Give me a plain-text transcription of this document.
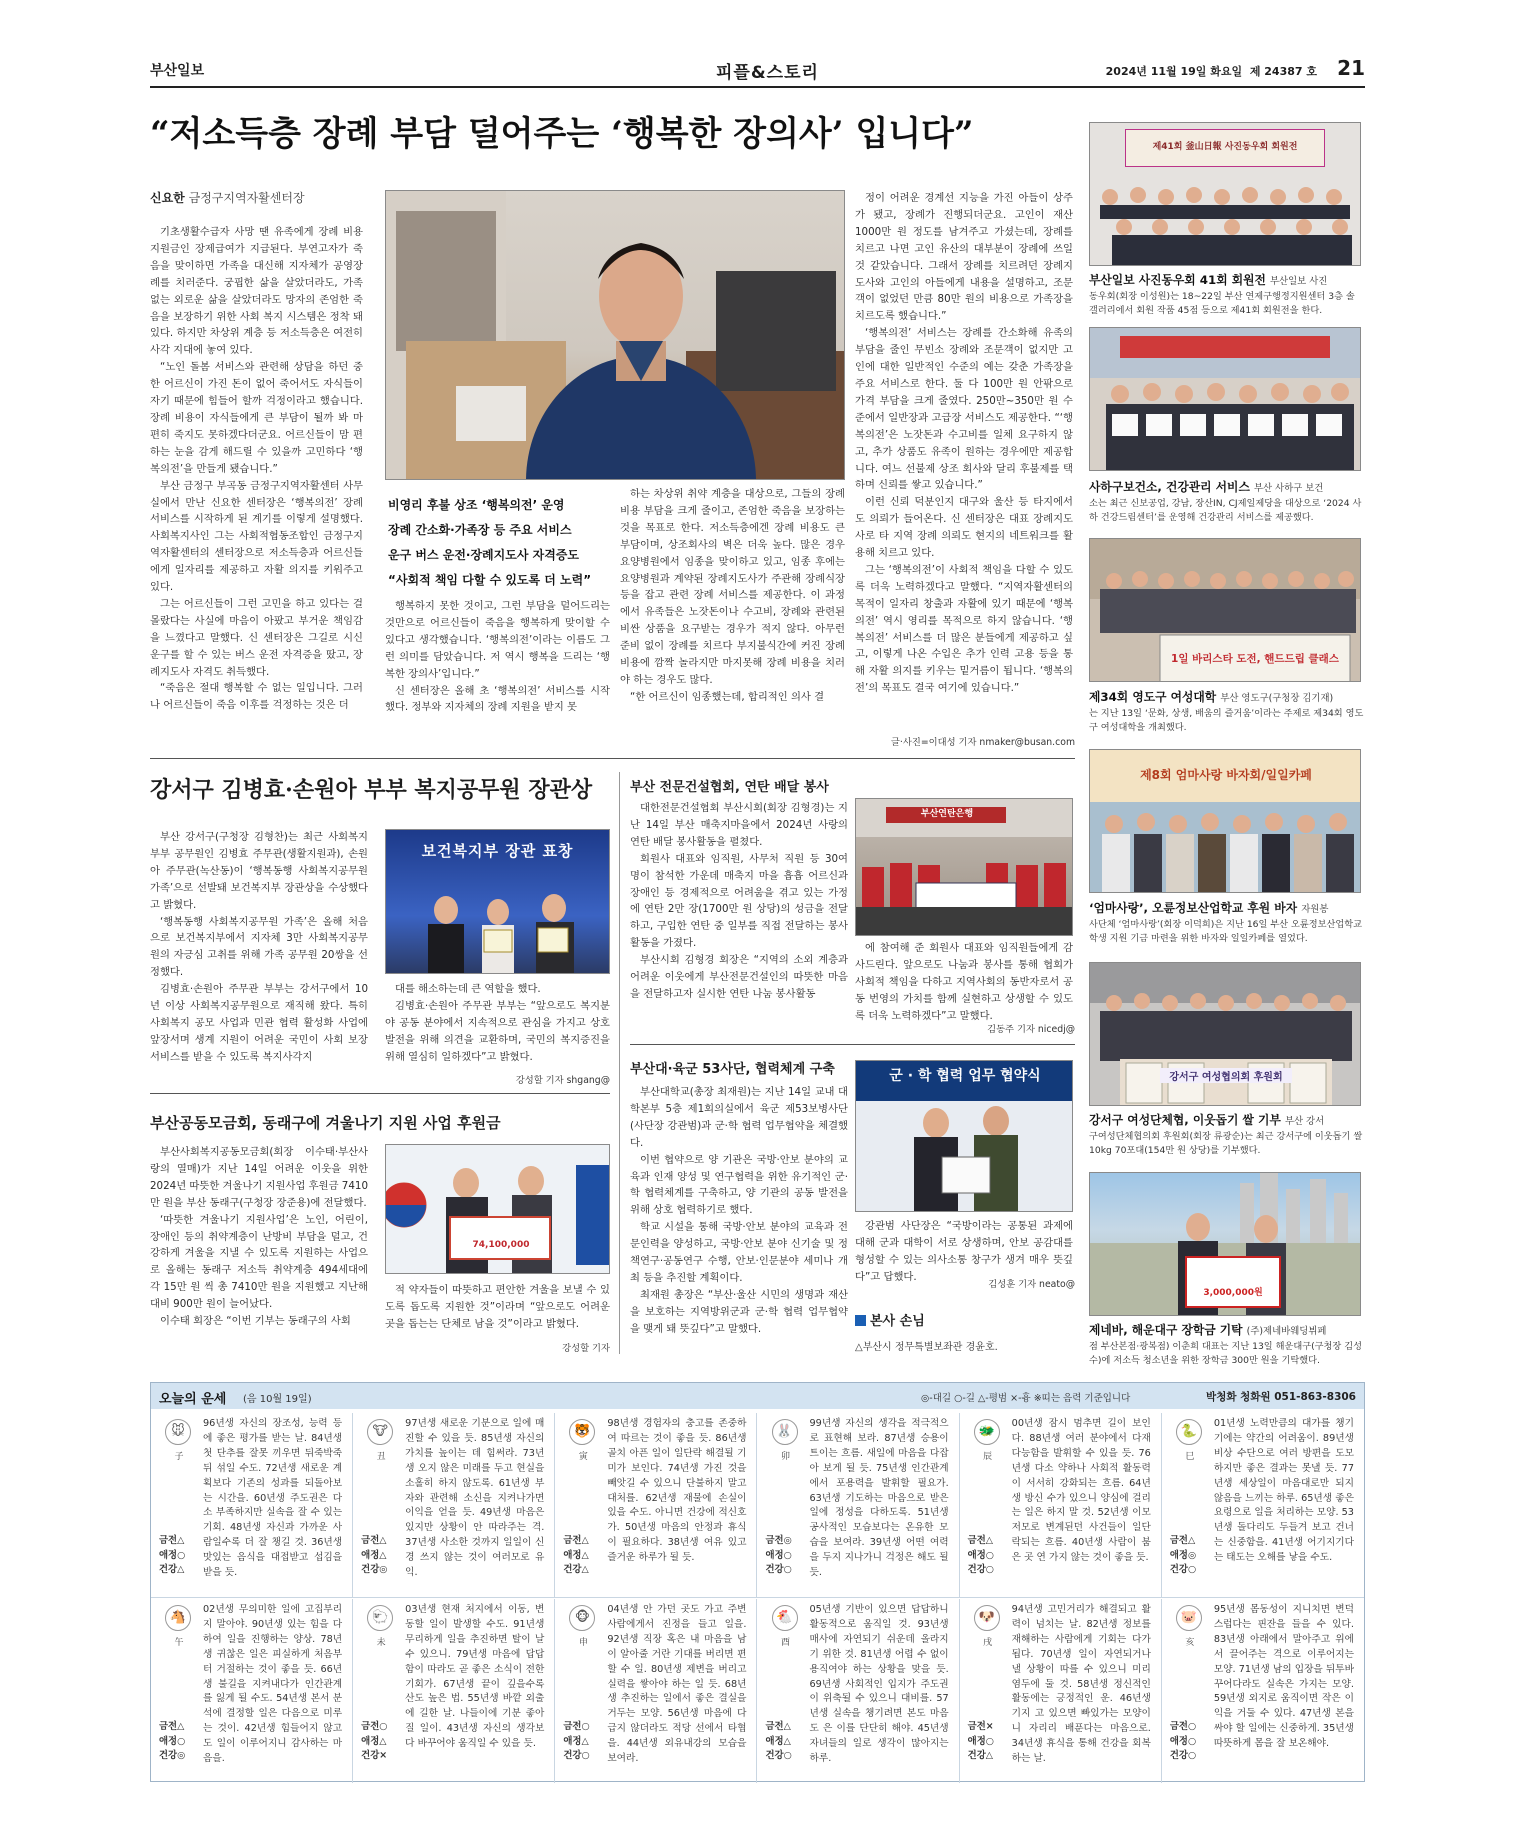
부산일보	피플&스토리	2024년 11월 19일 화요일 제 24387 호 21
“저소득층 장례 부담 덜어주는 ‘행복한 장의사’ 입니다”
신요한 금정구지역자활센터장

기초생활수급자 사망 땐 유족에게 장례 비용 지원금인 장제급여가 지급된다. 부연고자가 죽음을 맞이하면 가족을 대신해 지자체가 공영장례를 치러준다. 궁핍한 삶을 살았더라도, 가족 없는 외로운 삶을 살았더라도 망자의 존엄한 죽음을 보장하기 위한 사회 복지 시스템은 정착 돼 있다. 하지만 차상위 계층 등 저소득층은 여전히 사각 지대에 놓여 있다.

“노인 돌봄 서비스와 관련해 상담을 하던 중 한 어르신이 가진 돈이 없어 죽어서도 자식들이 자기 때문에 힘들어 할까 걱정이라고 했습니다. 장례 비용이 자식들에게 큰 부담이 될까 봐 마 편히 죽지도 못하겠다더군요. 어르신들이 맘 편하는 눈을 감게 해드릴 수 있을까 고민하다 ‘행복의전’을 만들게 됐습니다.”

부산 금정구 부곡동 금정구지역자활센터 사무실에서 만난 신요한 센터장은 ‘행복의전’ 장례 서비스를 시작하게 된 계기를 이렇게 설명했다. 사회복지사인 그는 사회적협동조합인 금정구지역자활센터의 센터장으로 저소득층과 어르신들에게 일자리를 제공하고 자활 의지를 키워주고 있다.

그는 어르신들이 그런 고민을 하고 있다는 걸 몰랐다는 사실에 마음이 아팠고 부거운 책임감을 느꼈다고 말했다. 신 센터장은 그길로 시신 운구를 할 수 있는 버스 운전 자격증을 땄고, 장례지도사 자격도 취득했다.

“죽음은 절대 행복할 수 없는 일입니다. 그러나 어르신들이 죽음 이후를 걱정하는 것은 더

비영리 후불 상조 ‘행복의전’ 운영
장례 간소화·가족장 등 주요 서비스
운구 버스 운전·장례지도사 자격증도
“사회적 책임 다할 수 있도록 더 노력”

행복하지 못한 것이고, 그런 부담을 덜어드리는 것만으로 어르신들이 죽음을 행복하게 맞이할 수 있다고 생각했습니다. ‘행복의전’이라는 이름도 그런 의미를 담았습니다. 저 역시 행복을 드리는 ‘행복한 장의사’입니다.”

신 센터장은 올해 초 ‘행복의전’ 서비스를 시작했다. 정부와 지자체의 장례 지원을 받지 못

하는 차상위 취약 계층을 대상으로, 그들의 장례 비용 부담을 크게 줄이고, 존엄한 죽음을 보장하는 것을 목표로 한다. 저소득층에겐 장례 비용도 큰 부담이며, 상조회사의 벽은 더욱 높다. 많은 경우 요양병원에서 임종을 맞이하고 있고, 임종 후에는 요양병원과 계약된 장례지도사가 주관해 장례식장 등을 잡고 관련 장례 서비스를 제공한다. 이 과정에서 유족들은 노잣돈이나 수고비, 장례와 관련된 비싼 상품을 요구받는 경우가 적지 않다. 아무런 준비 없이 장례를 치르다 부지불식간에 커진 장례 비용에 깜짝 놀라지만 마지못해 장례 비용을 치러야 하는 경우도 많다.

“한 어르신이 임종했는데, 합리적인 의사 결

정이 어려운 경계선 지능을 가진 아들이 상주가 됐고, 장례가 진행되더군요. 고인이 재산 1000만 원 정도를 남겨주고 가셨는데, 장례를 치르고 나면 고인 유산의 대부분이 장례에 쓰일 것 같았습니다. 그래서 장례를 치르려던 장례지도사와 고인의 아들에게 내용을 설명하고, 조문객이 없었던 만큼 80만 원의 비용으로 가족장을 치르도록 했습니다.”

‘행복의전’ 서비스는 장례를 간소화해 유족의 부담을 줄인 무빈소 장례와 조문객이 없지만 고인에 대한 일반적인 수준의 예는 갖춘 가족장을 주요 서비스로 한다. 둘 다 100만 원 안팎으로 가격 부담을 크게 줄였다. 250만~350만 원 수준에서 일반장과 고급장 서비스도 제공한다. “‘행복의전’은 노잣돈과 수고비를 일체 요구하지 않고, 추가 상품도 유족이 원하는 경우에만 제공합니다. 여느 선불제 상조 회사와 달리 후불제를 택하며 신뢰를 쌓고 있습니다.”

이런 신뢰 덕분인지 대구와 울산 등 타지에서도 의뢰가 들어온다. 신 센터장은 대표 장례지도사로 타 지역 장례 의뢰도 현지의 네트워크를 활용해 치르고 있다.

그는 ‘행복의전’이 사회적 책임을 다할 수 있도록 더욱 노력하겠다고 말했다. “지역자활센터의 목적이 일자리 창출과 자활에 있기 때문에 ‘행복의전’ 역시 영리를 목적으로 하지 않습니다. ‘행복의전’ 서비스를 더 많은 분들에게 제공하고 싶고, 이렇게 나온 수입은 추가 인력 고용 등을 통해 자활 의지를 키우는 밑거름이 됩니다. ‘행복의전’의 목표도 결국 여기에 있습니다.”

글·사진=이대성 기자 nmaker@busan.com
강서구 김병효·손원아 부부 복지공무원 장관상

부산 강서구(구청장 김형찬)는 최근 사회복지 부부 공무원인 김병효 주무관(생활지원과), 손원아 주무관(녹산동)이 ‘행복동행 사회복지공무원 가족’으로 선발돼 보건복지부 장관상을 수상했다고 밝혔다.

‘행복동행 사회복지공무원 가족’은 올해 처음으로 보건복지부에서 지자체 3만 사회복지공무원의 자긍심 고취를 위해 가족 공무원 20쌍을 선정했다.

김병효·손원아 주무관 부부는 강서구에서 10년 이상 사회복지공무원으로 재직해 왔다. 특히 사회복지 공모 사업과 민관 협력 활성화 사업에 앞장서며 생계 지원이 어려운 국민이 사회 보장 서비스를 받을 수 있도록 복지사각지

보건복지부 장관 표창

대를 해소하는데 큰 역할을 했다.

김병효·손원아 주무관 부부는 “앞으로도 복지분야 공동 분야에서 지속적으로 관심을 가지고 상호 발전을 위해 의견을 교환하며, 국민의 복지증진을 위해 열심히 일하겠다”고 밝혔다.

강성할 기자 shgang@
부산공동모금회, 동래구에 겨울나기 지원 사업 후원금

부산사회복지공동모금회(회장 이수태·부산사랑의 열매)가 지난 14일 어려운 이웃을 위한 2024년 따뜻한 겨울나기 지원사업 후원금 7410만 원을 부산 동래구(구청장 장준용)에 전달했다.

‘따뜻한 겨울나기 지원사업’은 노인, 어린이, 장애인 등의 취약계층이 난방비 부담을 덜고, 건강하게 겨울을 지낼 수 있도록 지원하는 사업으로 올해는 동래구 저소득 취약계층 494세대에 각 15만 원 씩 총 7410만 원을 지원했고 지난해 대비 900만 원이 늘어났다.

이수태 회장은 “이번 기부는 동래구의 사회

74,100,000

적 약자들이 따뜻하고 편안한 겨울을 보낼 수 있도록 돕도록 지원한 것”이라며 “앞으로도 어려운 곳을 돕는는 단체로 남을 것”이라고 밝혔다.

강성할 기자
부산 전문건설협회, 연탄 배달 봉사

대한전문건설협회 부산시회(회장 김형경)는 지난 14일 부산 매축지마을에서 2024년 사랑의 연탄 배달 봉사활동을 펼쳤다.

회원사 대표와 임직원, 사무처 직원 등 30여 명이 참석한 가운데 매축지 마을 흡흡 어르신과 장애인 등 경제적으로 어려움을 겪고 있는 가정에 연탄 2만 장(1700만 원 상당)의 성금을 전달하고, 구입한 연탄 중 일부를 직접 전달하는 봉사활동을 가졌다.

부산시회 김형경 회장은 “지역의 소외 계층과 어려운 이웃에게 부산전문건설인의 따뜻한 마음을 전달하고자 실시한 연탄 나눔 봉사활동

부산연탄은행

에 참여해 준 회원사 대표와 임직원들에게 감사드린다. 앞으로도 나눔과 봉사를 통해 협회가 사회적 책임을 다하고 지역사회의 동반자로서 공동 번영의 가치를 함께 실현하고 상생할 수 있도록 더욱 노력하겠다”고 말했다.

김동주 기자 nicedj@
부산대·육군 53사단, 협력체계 구축

부산대학교(총장 최재원)는 지난 14일 교내 대학본부 5층 제1회의실에서 육군 제53보병사단(사단장 강관범)과 군·학 협력 업무협약을 체결했다.

이번 협약으로 양 기관은 국방·안보 분야의 교육과 인재 양성 및 연구협력을 위한 유기적인 군·학 협력체계를 구축하고, 양 기관의 공동 발전을 위해 상호 협력하기로 했다.

학교 시설을 통해 국방·안보 분야의 교육과 전문인력을 양성하고, 국방·안보 분야 신기술 및 정책연구·공동연구 수행, 안보·인문분야 세미나 개최 등을 추진할 계획이다.

최재원 총장은 “부산·울산 시민의 생명과 재산을 보호하는 지역방위군과 군·학 협력 업무협약을 맺게 돼 뜻깊다”고 말했다.

군 · 학 협력 업무 협약식

강관범 사단장은 “국방이라는 공통된 과제에 대해 군과 대학이 서로 상생하며, 안보 공감대를 형성할 수 있는 의사소통 창구가 생겨 매우 뜻깊다”고 답했다.

김성훈 기자 neato@
본사 손님
△부산시 정무특별보좌관 경윤호.
제41회 釜山日報 사진동우회 회원전
부산일보 사진동우회 41회 회원전 부산일보 사진
동우회(회장 이성원)는 18~22일 부산 연제구행정지원센터 3층 솔 갤러리에서 회원 작품 45점 등으로 제41회 회원전을 한다.
사하구보건소, 건강관리 서비스 부산 사하구 보건
소는 최근 신보공업, 강남, 장산IN, CJ제일제당을 대상으로 ‘2024 사하 건강드림센터’를 운영해 건강관리 서비스를 제공했다.
1일 바리스타 도전, 핸드드립 클래스
제34회 영도구 여성대학 부산 영도구(구청장 김기재)
는 지난 13일 ‘문화, 상생, 배움의 즐거움’이라는 주제로 제34회 영도구 여성대학을 개최했다.
제8회 엄마사랑 바자회/일일카페
‘엄마사랑’, 오륜정보산업학교 후원 바자 자원봉
사단체 ‘엄마사랑’(회장 이덕희)은 지난 16일 부산 오륜정보산업학교 학생 지원 기금 마련을 위한 바자와 일일카페를 열었다.
강서구 여성협의회 후원회
강서구 여성단체협, 이웃돕기 쌀 기부 부산 강서
구여성단체협의회 후원회(회장 류광순)는 최근 강서구에 이웃돕기 쌀 10kg 70포대(154만 원 상당)를 기부했다.
3,000,000원
제네바, 해운대구 장학금 기탁 (주)제네바웨딩뷔페
점 부산본점·광복점) 이춘희 대표는 지난 13일 해운대구(구청장 김성수)에 저소득 청소년을 위한 장학금 300만 원을 기탁했다.
오늘의 운세 (음 10월 19일)	◎-대길 ○-길 △-평범 ×-흉 ※띠는 음력 기준입니다	박청화 청화원 051-863-8306
🐭
子
96년생 자신의 장조성, 능력 등에 좋은 평가를 받는 날. 84년생 첫 단추를 잘못 끼우면 뒤죽박죽 뒤 섞일 수도. 72년생 새로운 계획보다 기존의 성과를 되돌아보는 시간을. 60년생 주도권은 다소 부족하지만 실속을 잘 수 있는 기회. 48년생 자신과 가까운 사람일수록 더 잘 챙길 것. 36년생 맛있는 음식을 대접받고 섭김을 받을 듯.
금전△
애정○
건강△
🐮
丑
97년생 새로운 기분으로 일에 매진할 수 있을 듯. 85년생 자신의 가치를 높이는 데 힘써라. 73년생 오지 않은 미래를 두고 현실을 소홀히 하지 않도록. 61년생 부자와 관련해 소신을 지켜나가면 이익을 얻을 듯. 49년생 마음은 있지만 상황이 안 따라주는 격. 37년생 사소한 것까지 일일이 신경 쓰지 않는 것이 여러모로 유익.
금전△
애정△
건강◎
🐯
寅
98년생 경험자의 충고를 존중하여 따르는 것이 좋을 듯. 86년생 골치 아픈 일이 일단락 해결될 기미가 보인다. 74년생 가진 것을 빼앗길 수 있으니 단불하지 말고 대처를. 62년생 재물에 손실이 있을 수도. 아니면 건강에 적신호가. 50년생 마음의 안정과 휴식이 필요하다. 38년생 여유 있고 즐거운 하루가 될 듯.
금전△
애정△
건강△
🐰
卯
99년생 자신의 생각을 적극적으로 표현해 보라. 87년생 승용이 트이는 흐름. 새일에 마음을 다잡아 보게 될 듯. 75년생 인간관계에서 포용력을 발휘할 필요가. 63년생 기도하는 마음으로 받은 일에 정성을 다하도록. 51년생 공사적인 모습보다는 온유한 모습을 보여라. 39년생 어떤 여력을 두지 지나가니 걱정은 해도 될 듯.
금전◎
애정○
건강○
🐲
辰
00년생 잠시 멈추면 길이 보인다. 88년생 여러 분야에서 다재다능함을 발휘할 수 있을 듯. 76년생 다소 약하나 사회적 활동력이 서서히 강화되는 흐름. 64년생 방신 수가 있으니 양심에 걸리는 일은 하지 말 것. 52년생 이모저모로 변계된던 사건들이 일단락되는 흐름. 40년생 사람이 붐은 곳 연 가지 않는 것이 좋을 듯.
금전△
애정○
건강○
🐍
巳
01년생 노력만큼의 대가를 챙기기에는 약간의 어려움이. 89년생 비상 수단으로 여러 방편을 도모하지만 좋은 결과는 못낼 듯. 77년생 세상일이 마음대로만 되지 않음을 느끼는 하루. 65년생 좋은 요령으로 일을 처리하는 모양. 53년생 돌다리도 두들겨 보고 건너는 신중함을. 41년생 어기지기다는 태도는 오해를 낳을 수도.
금전△
애정◎
건강○
🐴
午
02년생 무의미한 일에 고집부리지 말아야. 90년생 있는 힘을 다하여 일을 진행하는 양상. 78년생 귀찮은 일은 피실하게 처음부터 거절하는 것이 좋을 듯. 66년생 불길을 지켜내다가 인간관계를 잃게 될 수도. 54년생 본서 분석에 결정할 일은 다음으로 미루는 것이. 42년생 힘들어지 않고도 일이 이루어지니 감사하는 마음을.
금전△
애정○
건강◎
🐑
未
03년생 현재 처지에서 이동, 변동할 일이 발생할 수도. 91년생 무리하게 일을 추진하면 탈이 날 수 있으니. 79년생 마음에 답답함이 따라도 곧 좋은 소식이 전한 기회가. 67년생 끝이 깊을수록 산도 높은 법. 55년생 바깥 외출에 길한 날. 나들이에 기분 좋아질 일이. 43년생 자신의 생각보다 바꾸어야 움직일 수 있을 듯.
금전○
애정△
건강×
🐵
申
04년생 안 가던 곳도 가고 주변 사람에게서 진정을 들고 일을. 92년생 직장 혹은 내 마음을 남이 알아줄 거란 기대를 버리면 편할 수 일. 80년생 제변을 버리고 실력을 쌓아야 하는 일 듯. 68년생 추진하는 일에서 좋은 결실을 거두는 모양. 56년생 마음에 다 급지 않더라도 적당 선에서 타협을. 44년생 외유내강의 모습을 보여라.
금전○
애정△
건강○
🐔
酉
05년생 기반이 있으면 답답하니 활동적으로 움직일 것. 93년생 매사에 자연되기 쉬운데 올라지기 위한 것. 81년생 어렵 수 없이 용직여야 하는 상황을 맞을 듯. 69년생 사회적인 입지가 주도권이 위축될 수 있으니 대비를. 57년생 실속을 챙기려면 본도 마음도 은 이를 단단히 해야. 45년생 자녀들의 일로 생각이 많아지는 하루.
금전△
애정△
건강○
🐶
戌
94년생 고민거리가 해결되고 활력이 넘치는 날. 82년생 정보를 재해하는 사람에게 기회는 다가됩다. 70년생 일이 자연되거나 낼 상황이 따를 수 있으니 미리 염두에 둘 것. 58년생 정신적인 활동에는 긍정적인 운. 46년생 기지 고 있으면 빠있가는 모양이니 자리리 배푼다는 마음으로. 34년생 휴식을 통해 건강을 회복하는 날.
금전×
애정○
건강△
🐷
亥
95년생 몸동성이 지니치면 변덕스럽다는 핀잔을 들을 수 있다. 83년생 아래에서 말아주고 위에서 끌어주는 격으로 이루어지는 모양. 71년생 남의 입장을 뒤투바꾸어다라도 실속은 가지는 모양. 59년생 외지로 움직이면 작은 이익을 거둘 수 있다. 47년생 본을 싸야 할 일에는 신중하게. 35년생 따뜻하게 몸을 잘 보온해야.
금전○
애정○
건강○
